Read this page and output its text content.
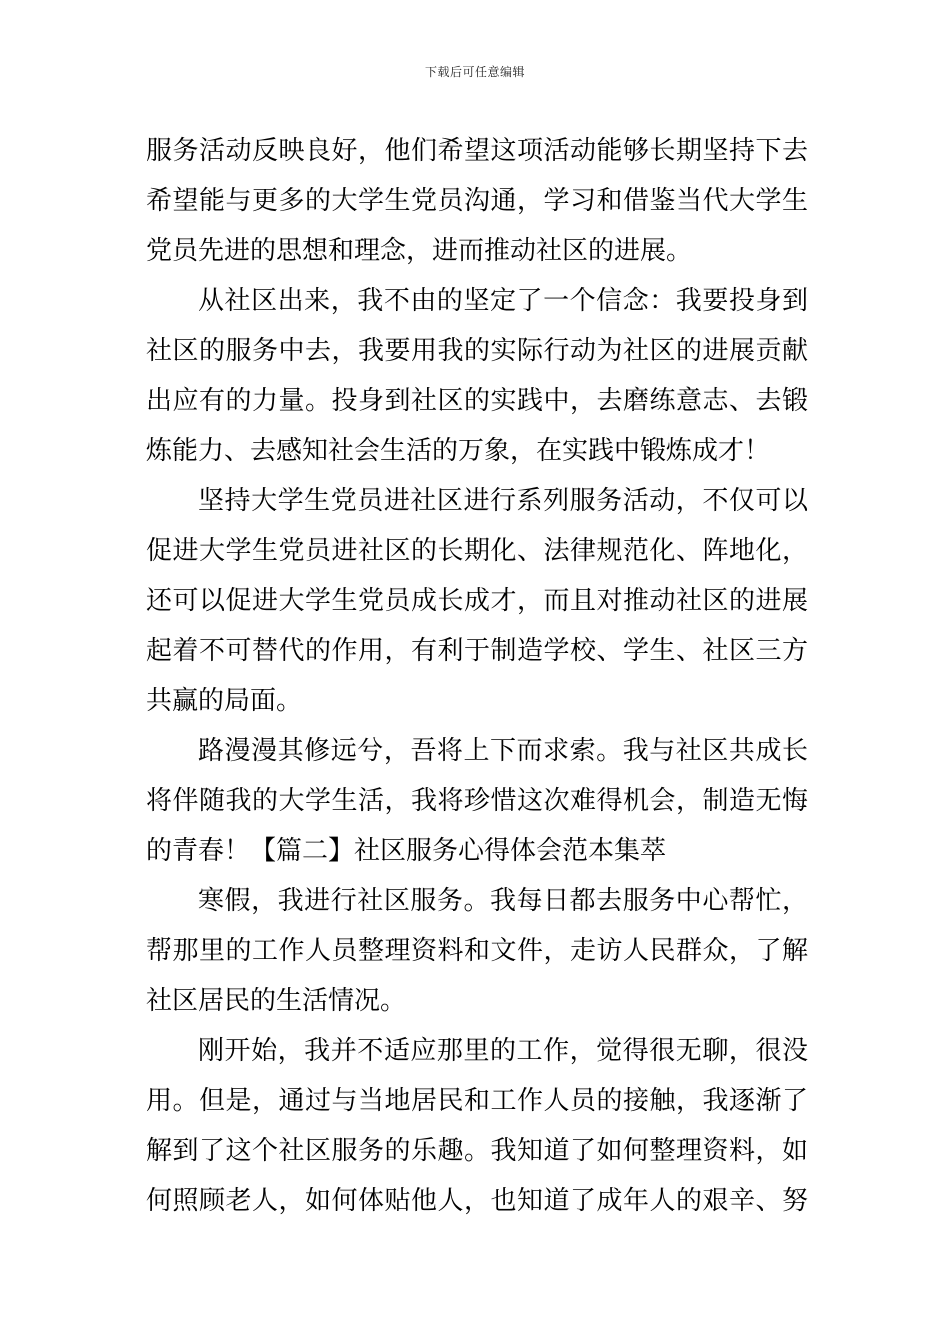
下载后可任意编辑
服务活动反映良好，他们希望这项活动能够长期坚持下去
希望能与更多的大学生党员沟通，学习和借鉴当代大学生
党员先进的思想和理念，进而推动社区的进展。
从社区出来，我不由的坚定了一个信念：我要投身到
社区的服务中去，我要用我的实际行动为社区的进展贡献
出应有的力量。投身到社区的实践中，去磨练意志、去锻
炼能力、去感知社会生活的万象，在实践中锻炼成才！
坚持大学生党员进社区进行系列服务活动，不仅可以
促进大学生党员进社区的长期化、法律规范化、阵地化，
还可以促进大学生党员成长成才，而且对推动社区的进展
起着不可替代的作用，有利于制造学校、学生、社区三方
共赢的局面。
路漫漫其修远兮，吾将上下而求索。我与社区共成长
将伴随我的大学生活，我将珍惜这次难得机会，制造无悔
的青春！【篇二】社区服务心得体会范本集萃
寒假，我进行社区服务。我每日都去服务中心帮忙，
帮那里的工作人员整理资料和文件，走访人民群众，了解
社区居民的生活情况。
刚开始，我并不适应那里的工作，觉得很无聊，很没
用。但是，通过与当地居民和工作人员的接触，我逐渐了
解到了这个社区服务的乐趣。我知道了如何整理资料，如
何照顾老人，如何体贴他人，也知道了成年人的艰辛、努
